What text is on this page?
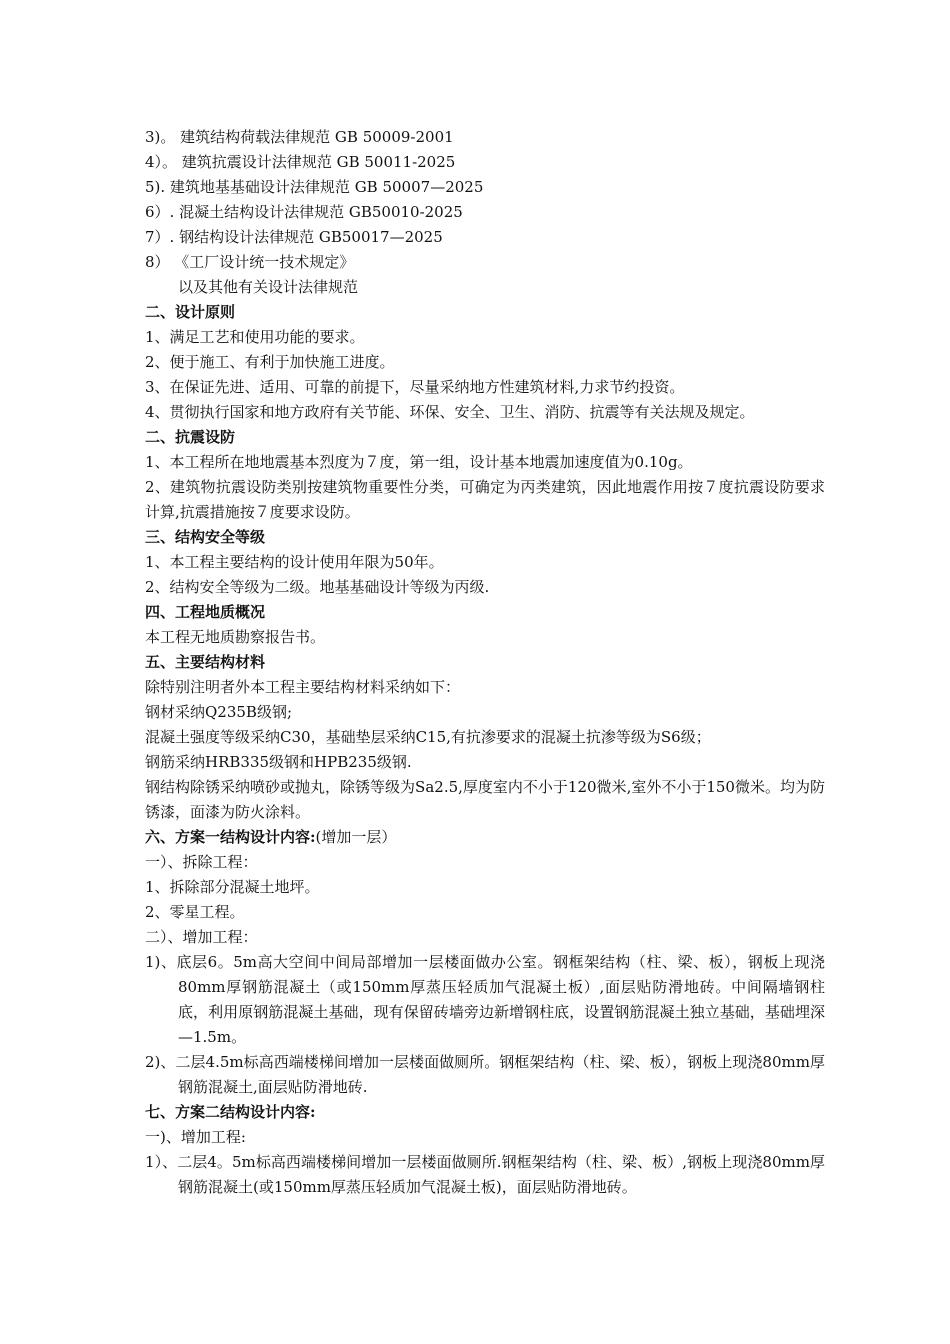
3)。 建筑结构荷载法律规范 GB 50009-2001
4）。 建筑抗震设计法律规范 GB 50011-2025
5). 建筑地基基础设计法律规范 GB 50007—2025
6）. 混凝土结构设计法律规范 GB50010-2025
7）. 钢结构设计法律规范 GB50017—2025
8） 《工厂设计统一技术规定》
以及其他有关设计法律规范
二、设计原则
1、满足工艺和使用功能的要求。
2、便于施工、有利于加快施工进度。
3、在保证先进、适用、可靠的前提下，尽量采纳地方性建筑材料,力求节约投资。
4、贯彻执行国家和地方政府有关节能、环保、安全、卫生、消防、抗震等有关法规及规定。
二、抗震设防
1、本工程所在地地震基本烈度为７度，第一组，设计基本地震加速度值为0.10g。
2、建筑物抗震设防类别按建筑物重要性分类，可确定为丙类建筑，因此地震作用按７度抗震设防要求计算,抗震措施按７度要求设防。
三、结构安全等级
1、本工程主要结构的设计使用年限为50年。
2、结构安全等级为二级。地基基础设计等级为丙级.
四、工程地质概况
本工程无地质勘察报告书。
五、主要结构材料
除特别注明者外本工程主要结构材料采纳如下：
钢材采纳Q235B级钢;
混凝土强度等级采纳C30，基础垫层采纳C15,有抗渗要求的混凝土抗渗等级为S6级；
钢筋采纳HRB335级钢和HPB235级钢.
钢结构除锈采纳喷砂或抛丸，除锈等级为Sa2.5,厚度室内不小于120微米,室外不小于150微米。均为防锈漆，面漆为防火涂料。
六、方案一结构设计内容:(增加一层）
一）、拆除工程：
1、拆除部分混凝土地坪。
2、零星工程。
二）、增加工程：
1)、底层6。5m高大空间中间局部增加一层楼面做办公室。钢框架结构（柱、梁、板），钢板上现浇80mm厚钢筋混凝土（或150mm厚蒸压轻质加气混凝土板）,面层贴防滑地砖。中间隔墙钢柱底，利用原钢筋混凝土基础，现有保留砖墙旁边新增钢柱底，设置钢筋混凝土独立基础，基础埋深—1.5m。
2)、二层4.5m标高西端楼梯间增加一层楼面做厕所。钢框架结构（柱、梁、板），钢板上现浇80mm厚钢筋混凝土,面层贴防滑地砖.
七、方案二结构设计内容:
一)、增加工程:
1）、二层4。5m标高西端楼梯间增加一层楼面做厕所.钢框架结构（柱、梁、板）,钢板上现浇80mm厚钢筋混凝土(或150mm厚蒸压轻质加气混凝土板)，面层贴防滑地砖。
